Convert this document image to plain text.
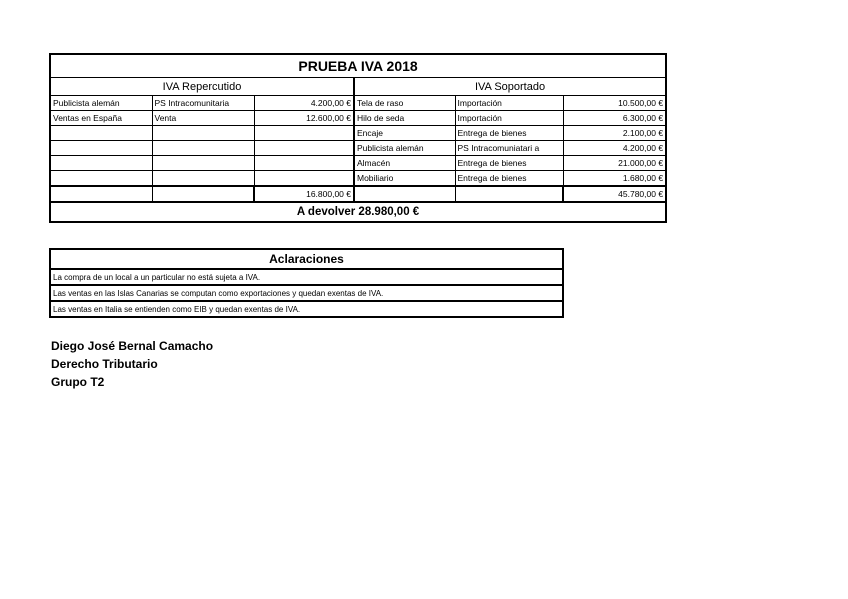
PRUEBA IVA 2018					
IVA Repercutido			IVA Soportado		
Publicista alemán	PS Intracomunitaria	4.200,00 €	Tela de raso	Importación	10.500,00 €
Ventas en España	Venta	12.600,00 €	Hilo de seda	Importación	6.300,00 €
			Encaje	Entrega de bienes	2.100,00 €
			Publicista alemán	PS Intracomuniatari a	4.200,00 €
			Almacén	Entrega de bienes	21.000,00 €
			Mobiliario	Entrega de bienes	1.680,00 €
		16.800,00 €			45.780,00 €
A devolver 28.980,00 €					
Aclaraciones
La compra de un local a un particular no está sujeta a IVA.
Las ventas en las Islas Canarias se computan como exportaciones y quedan exentas de IVA.
Las ventas en Italia se entienden como EIB y quedan exentas de IVA.
Diego José Bernal Camacho
Derecho Tributario
Grupo T2
